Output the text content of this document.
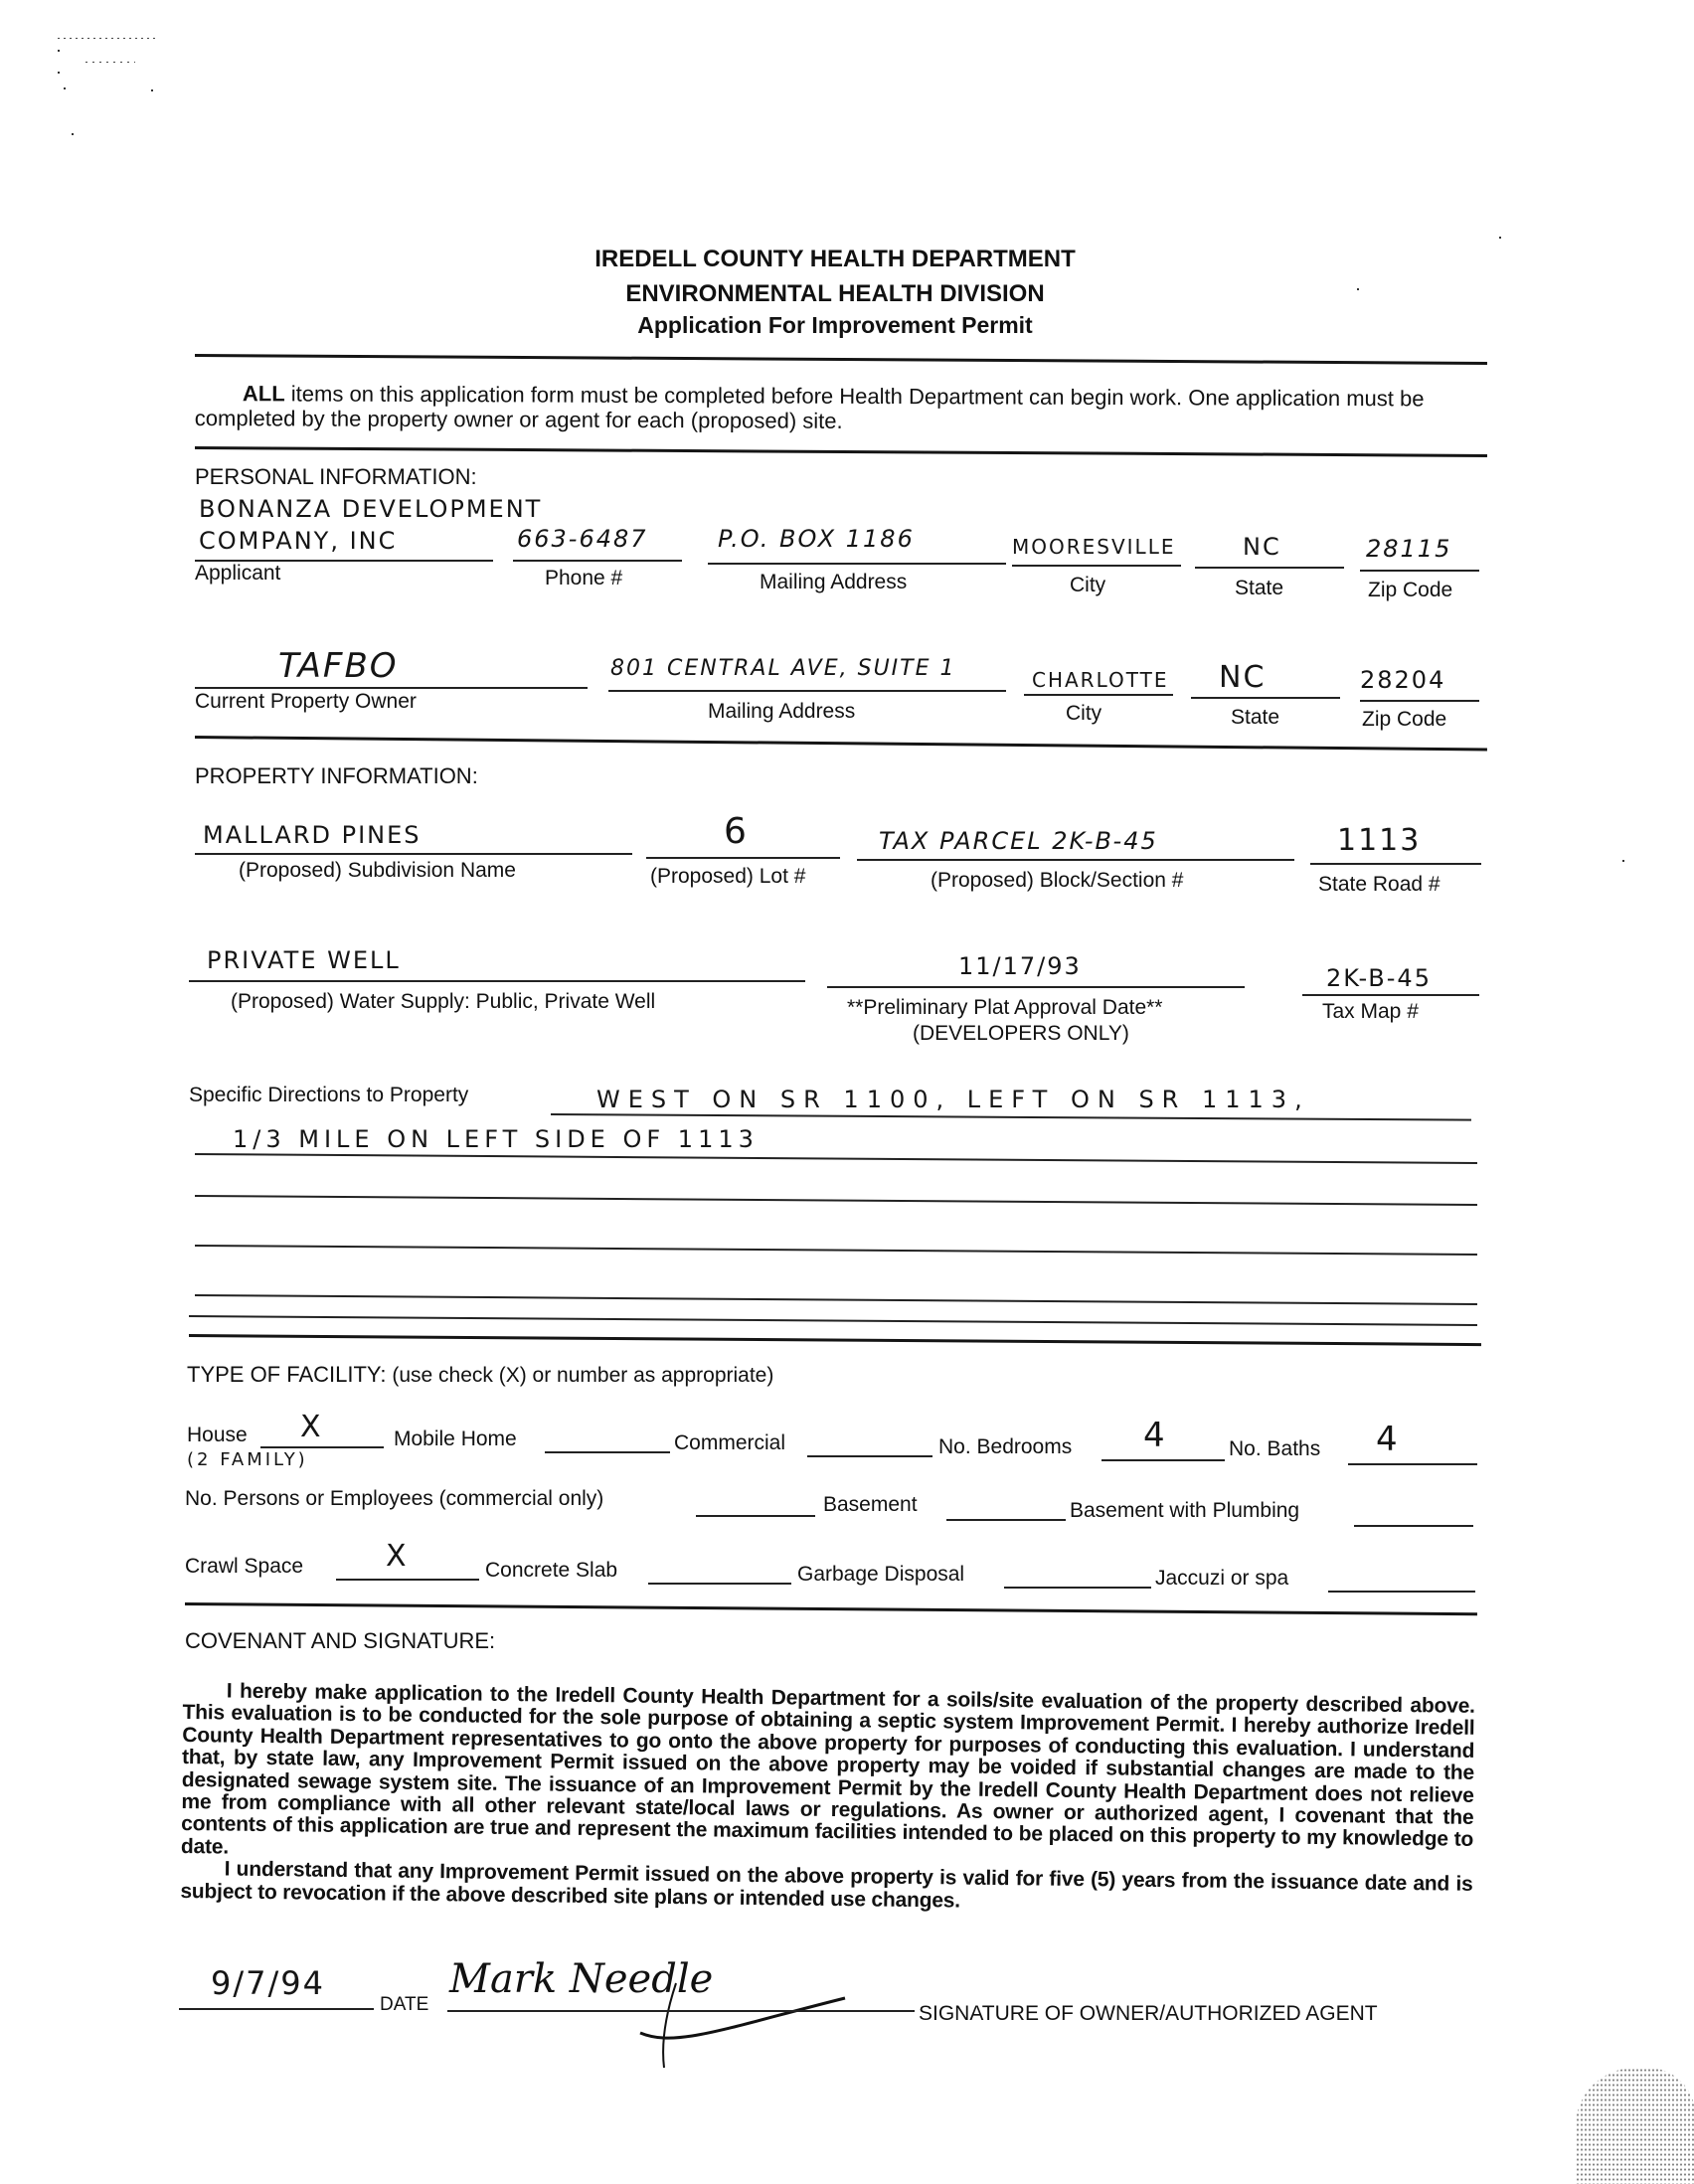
IREDELL COUNTY HEALTH DEPARTMENT
ENVIRONMENTAL HEALTH DIVISION
Application For Improvement Permit
ALL items on this application form must be completed before Health Department can begin work. One application must be completed by the property owner or agent for each (proposed) site.
PERSONAL INFORMATION:
BONANZA DEVELOPMENT
COMPANY, INC	663-6487	P.O. BOX 1186	MOORESVILLE	NC	28115
Applicant	Phone #	Mailing Address	City	State	Zip Code
TAFBO	801 CENTRAL AVE, SUITE 1	CHARLOTTE NC	28204
Current Property Owner	Mailing Address	City	State	Zip Code
PROPERTY INFORMATION:
MALLARD PINES	6	TAX PARCEL 2K-B-45	1113
(Proposed) Subdivision Name	(Proposed) Lot #	(Proposed) Block/Section #	State Road #
PRIVATE WELL	11/17/93	2K-B-45
(Proposed) Water Supply: Public, Private Well	**Preliminary Plat Approval Date**
(DEVELOPERS ONLY)
Tax Map #
Specific Directions to Property	WEST ON SR 1100, LEFT ON SR 1113,
1/3 MILE ON LEFT SIDE OF 1113
TYPE OF FACILITY: (use check (X) or number as appropriate)
House X
(2 FAMILY)
Mobile Home	Commercial	No. Bedrooms 4	No. Baths 4
No. Persons or Employees (commercial only)	Basement	Basement with Plumbing
Crawl Space	X	Concrete Slab	Garbage Disposal	Jaccuzi or spa
COVENANT AND SIGNATURE:

I hereby make application to the Iredell County Health Department for a soils/site evaluation of the property described above. This evaluation is to be conducted for the sole purpose of obtaining a septic system Improvement Permit. I hereby authorize Iredell County Health Department representatives to go onto the above property for purposes of conducting this evaluation. I understand that, by state law, any Improvement Permit issued on the above property may be voided if substantial changes are made to the designated sewage system site. The issuance of an Improvement Permit by the Iredell County Health Department does not relieve me from compliance with all other relevant state/local laws or regulations. As owner or authorized agent, I covenant that the contents of this application are true and represent the maximum facilities intended to be placed on this property to my knowledge to date.

I understand that any Improvement Permit issued on the above property is valid for five (5) years from the issuance date and is subject to revocation if the above described site plans or intended use changes.

9/7/94
DATE
Mark Needle
SIGNATURE OF OWNER/AUTHORIZED AGENT
